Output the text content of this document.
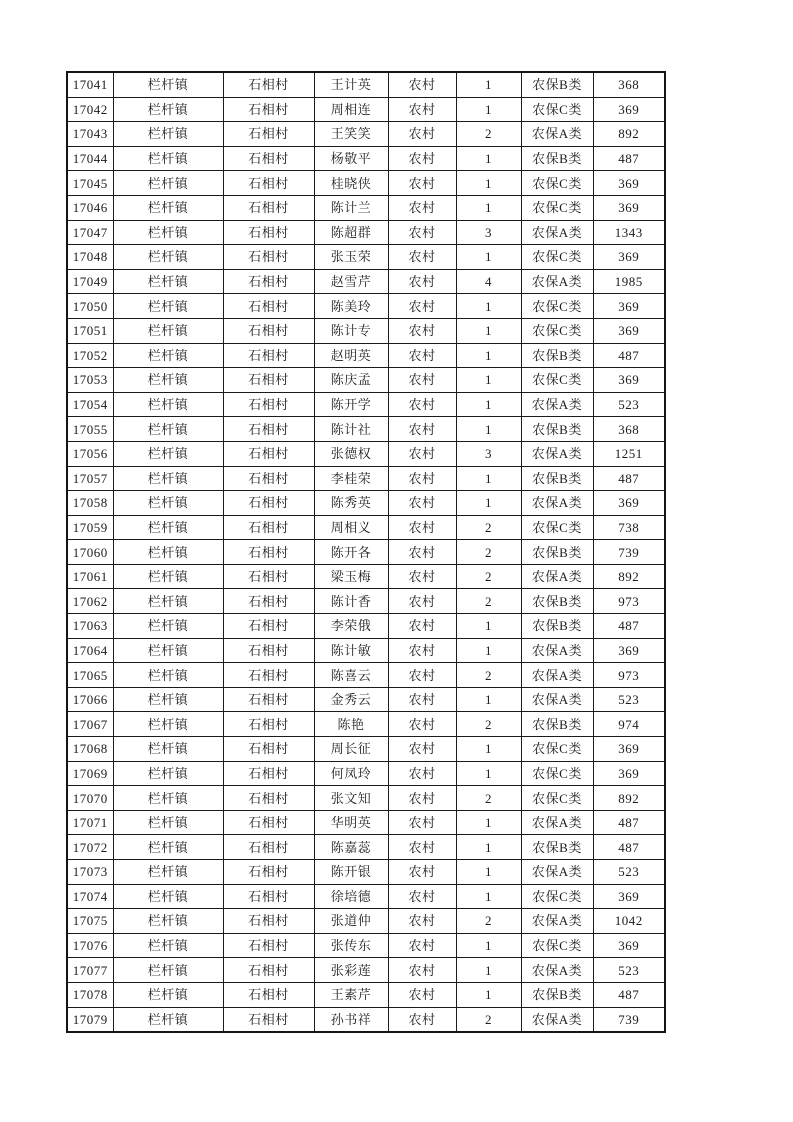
17041	栏杆镇	石相村	王计英	农村	1	农保B类	368
17042	栏杆镇	石相村	周相连	农村	1	农保C类	369
17043	栏杆镇	石相村	王笑笑	农村	2	农保A类	892
17044	栏杆镇	石相村	杨敬平	农村	1	农保B类	487
17045	栏杆镇	石相村	桂晓侠	农村	1	农保C类	369
17046	栏杆镇	石相村	陈计兰	农村	1	农保C类	369
17047	栏杆镇	石相村	陈超群	农村	3	农保A类	1343
17048	栏杆镇	石相村	张玉荣	农村	1	农保C类	369
17049	栏杆镇	石相村	赵雪芹	农村	4	农保A类	1985
17050	栏杆镇	石相村	陈美玲	农村	1	农保C类	369
17051	栏杆镇	石相村	陈计专	农村	1	农保C类	369
17052	栏杆镇	石相村	赵明英	农村	1	农保B类	487
17053	栏杆镇	石相村	陈庆孟	农村	1	农保C类	369
17054	栏杆镇	石相村	陈开学	农村	1	农保A类	523
17055	栏杆镇	石相村	陈计社	农村	1	农保B类	368
17056	栏杆镇	石相村	张德权	农村	3	农保A类	1251
17057	栏杆镇	石相村	李桂荣	农村	1	农保B类	487
17058	栏杆镇	石相村	陈秀英	农村	1	农保A类	369
17059	栏杆镇	石相村	周相义	农村	2	农保C类	738
17060	栏杆镇	石相村	陈开各	农村	2	农保B类	739
17061	栏杆镇	石相村	梁玉梅	农村	2	农保A类	892
17062	栏杆镇	石相村	陈计香	农村	2	农保B类	973
17063	栏杆镇	石相村	李荣俄	农村	1	农保B类	487
17064	栏杆镇	石相村	陈计敏	农村	1	农保A类	369
17065	栏杆镇	石相村	陈喜云	农村	2	农保A类	973
17066	栏杆镇	石相村	金秀云	农村	1	农保A类	523
17067	栏杆镇	石相村	陈艳	农村	2	农保B类	974
17068	栏杆镇	石相村	周长征	农村	1	农保C类	369
17069	栏杆镇	石相村	何凤玲	农村	1	农保C类	369
17070	栏杆镇	石相村	张文知	农村	2	农保C类	892
17071	栏杆镇	石相村	华明英	农村	1	农保A类	487
17072	栏杆镇	石相村	陈嘉蕊	农村	1	农保B类	487
17073	栏杆镇	石相村	陈开银	农村	1	农保A类	523
17074	栏杆镇	石相村	徐培德	农村	1	农保C类	369
17075	栏杆镇	石相村	张道仲	农村	2	农保A类	1042
17076	栏杆镇	石相村	张传东	农村	1	农保C类	369
17077	栏杆镇	石相村	张彩莲	农村	1	农保A类	523
17078	栏杆镇	石相村	王素芹	农村	1	农保B类	487
17079	栏杆镇	石相村	孙书祥	农村	2	农保A类	739
